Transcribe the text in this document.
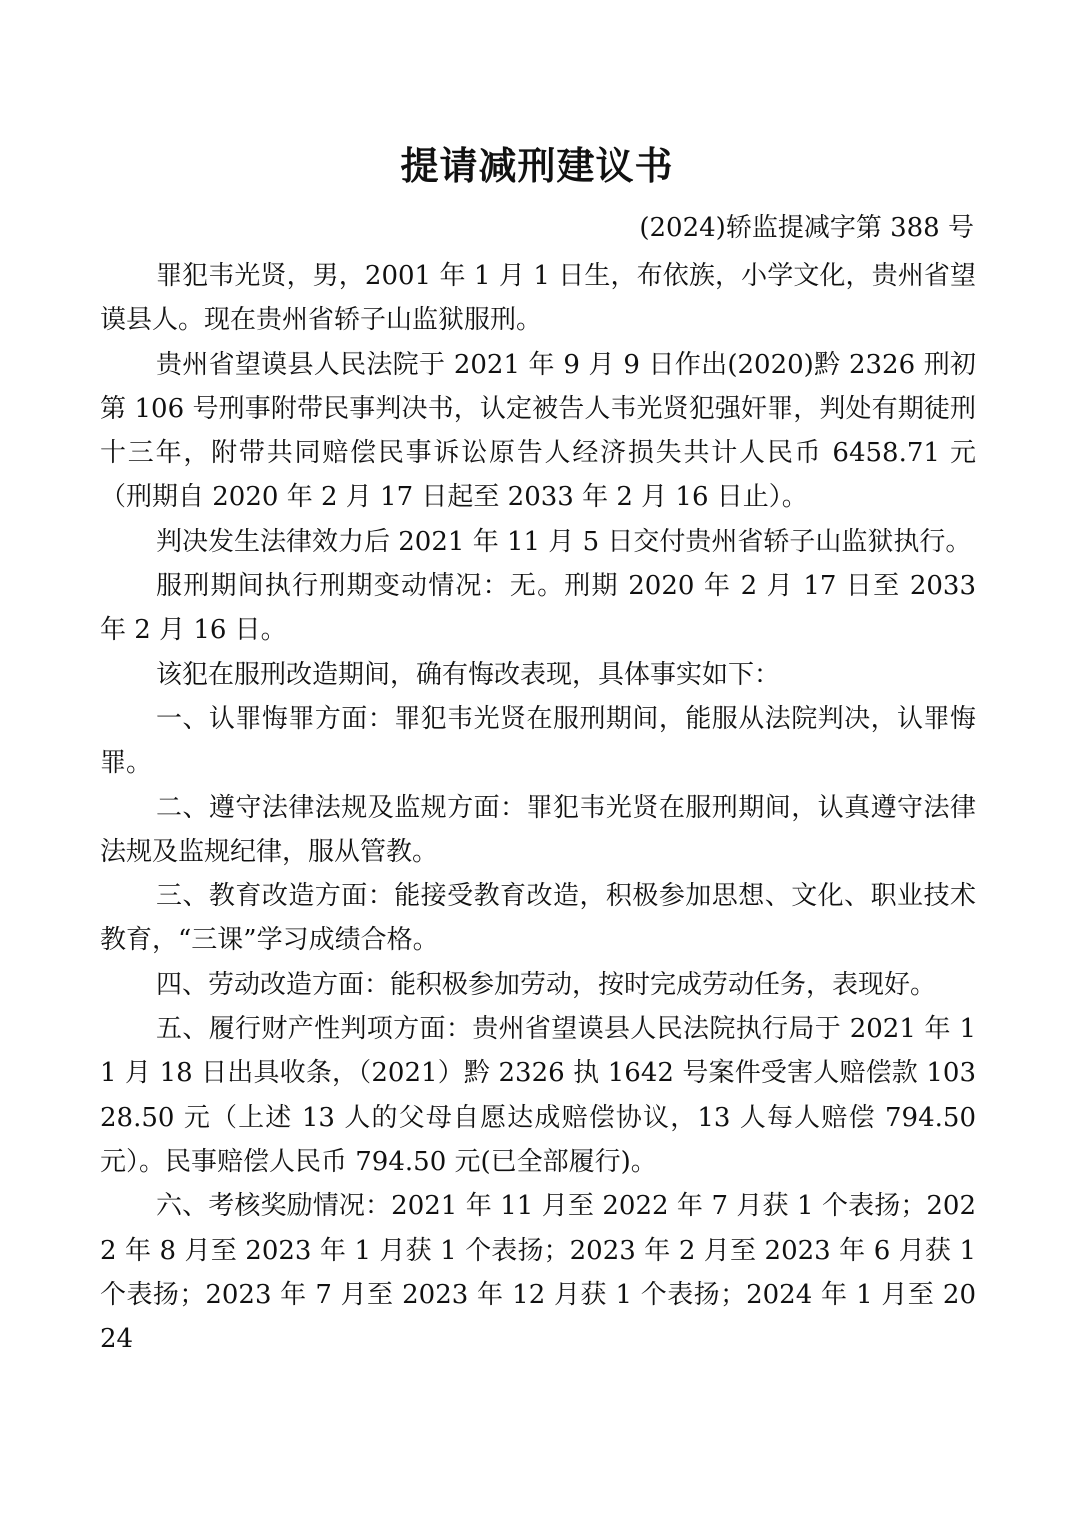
提请减刑建议书

(2024)轿监提减字第 388 号

罪犯韦光贤，男，2001 年 1 月 1 日生，布依族，小学文化，贵州省望谟县人。现在贵州省轿子山监狱服刑。

贵州省望谟县人民法院于 2021 年 9 月 9 日作出(2020)黔 2326 刑初第 106 号刑事附带民事判决书，认定被告人韦光贤犯强奸罪，判处有期徒刑十三年，附带共同赔偿民事诉讼原告人经济损失共计人民币 6458.71 元（刑期自 2020 年 2 月 17 日起至 2033 年 2 月 16 日止）。

判决发生法律效力后 2021 年 11 月 5 日交付贵州省轿子山监狱执行。

服刑期间执行刑期变动情况：无。刑期 2020 年 2 月 17 日至 2033 年 2 月 16 日。

该犯在服刑改造期间，确有悔改表现，具体事实如下：

一、认罪悔罪方面：罪犯韦光贤在服刑期间，能服从法院判决，认罪悔罪。

二、遵守法律法规及监规方面：罪犯韦光贤在服刑期间，认真遵守法律法规及监规纪律，服从管教。

三、教育改造方面：能接受教育改造，积极参加思想、文化、职业技术教育，“三课”学习成绩合格。

四、劳动改造方面：能积极参加劳动，按时完成劳动任务，表现好。

五、履行财产性判项方面：贵州省望谟县人民法院执行局于 2021 年 11 月 18 日出具收条，（2021）黔 2326 执 1642 号案件受害人赔偿款 10328.50 元（上述 13 人的父母自愿达成赔偿协议，13 人每人赔偿 794.50 元）。民事赔偿人民币 794.50 元(已全部履行)。

六、考核奖励情况：2021 年 11 月至 2022 年 7 月获 1 个表扬；2022 年 8 月至 2023 年 1 月获 1 个表扬；2023 年 2 月至 2023 年 6 月获 1 个表扬；2023 年 7 月至 2023 年 12 月获 1 个表扬；2024 年 1 月至 2024
